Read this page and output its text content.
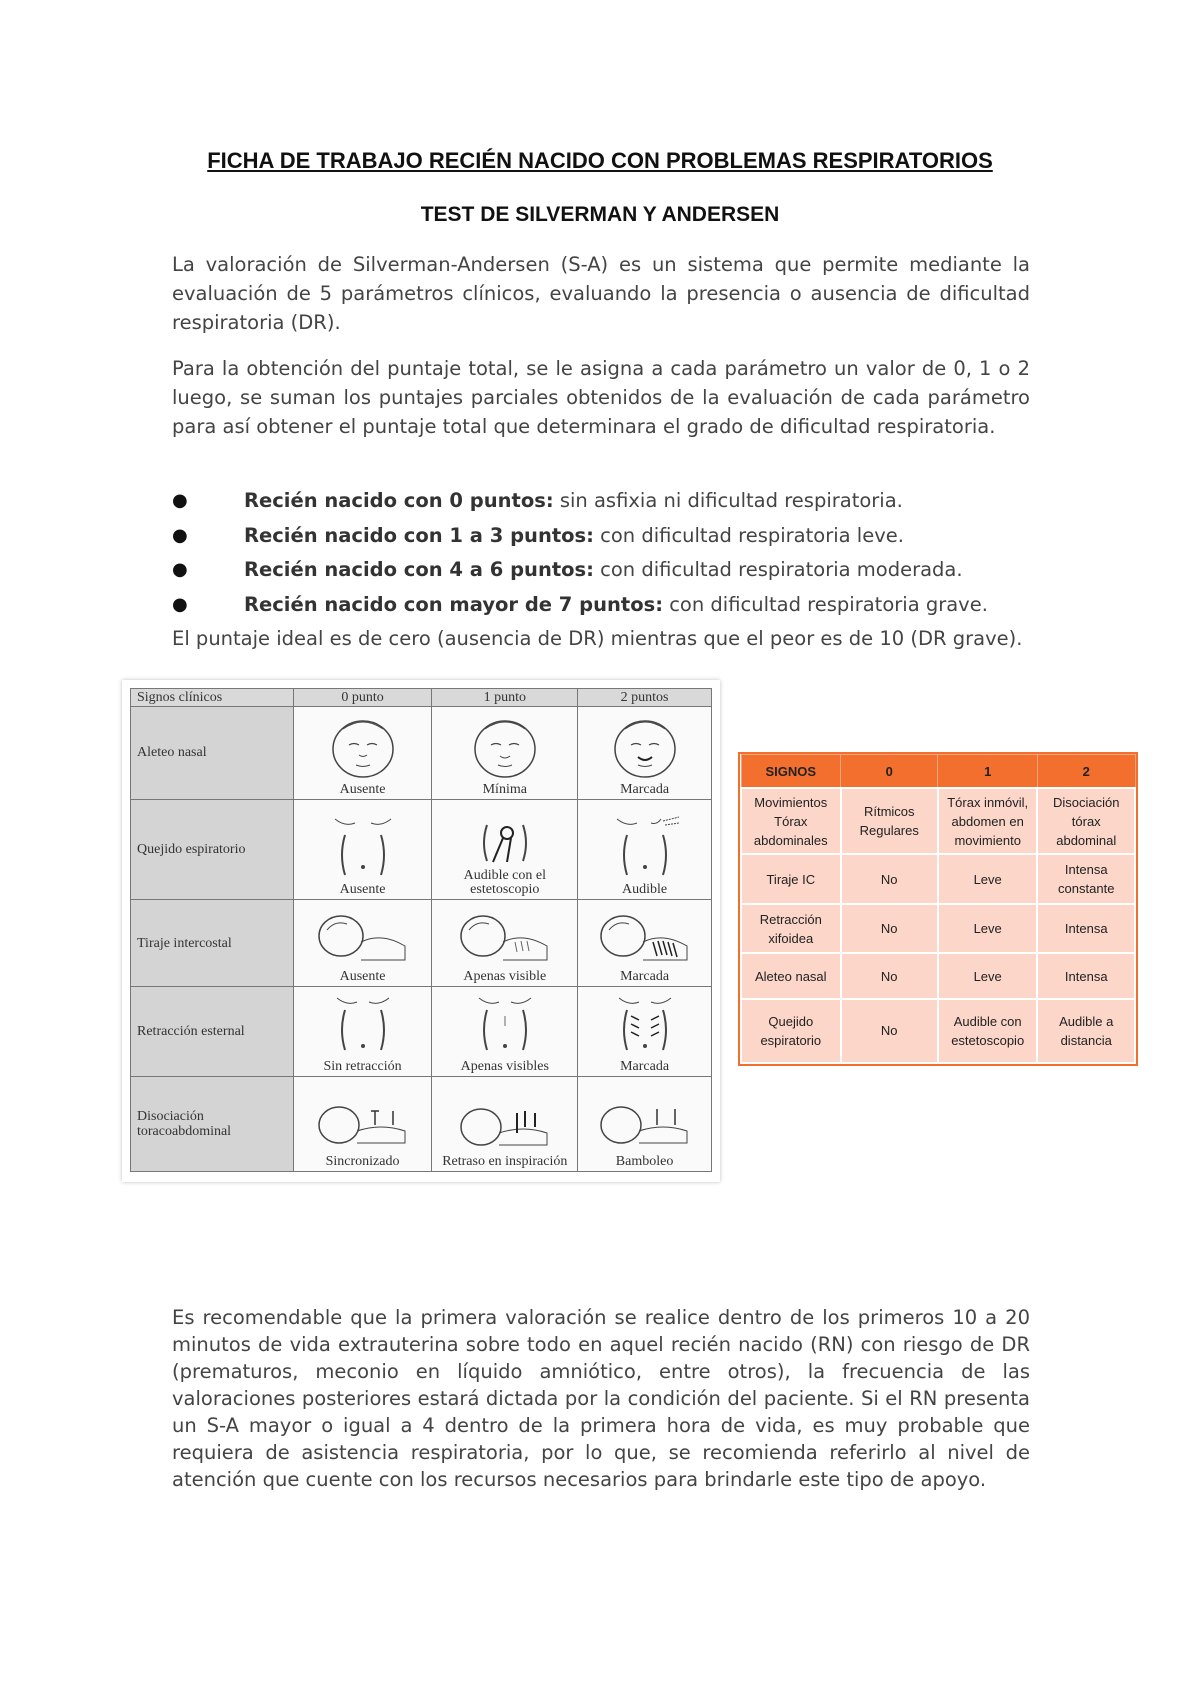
FICHA DE TRABAJO RECIÉN NACIDO CON PROBLEMAS RESPIRATORIOS
TEST DE SILVERMAN Y ANDERSEN
La valoración de Silverman-Andersen (S-A) es un sistema que permite mediante la evaluación de 5 parámetros clínicos, evaluando la presencia o ausencia de dificultad respiratoria (DR).
Para la obtención del puntaje total, se le asigna a cada parámetro un valor de 0, 1 o 2 luego, se suman los puntajes parciales obtenidos de la evaluación de cada parámetro para así obtener el puntaje total que determinara el grado de dificultad respiratoria.
●	Recién nacido con 0 puntos: sin asfixia ni dificultad respiratoria.
●	Recién nacido con 1 a 3 puntos: con dificultad respiratoria leve.
●	Recién nacido con 4 a 6 puntos: con dificultad respiratoria moderada.
●	Recién nacido con mayor de 7 puntos: con dificultad respiratoria grave.
El puntaje ideal es de cero (ausencia de DR) mientras que el peor es de 10 (DR grave).
Signos clínicos	0 punto	1 punto	2 puntos
Aleteo nasal	Ausente	Mínima	Marcada

Quejido espiratorio	Ausente	Audible con el estetoscopio	Audible

Tiraje intercostal	Ausente	Apenas visible	Marcada

Retracción esternal	Sin retracción	Apenas visibles	Marcada

Disociación toracoabdominal	Sincronizado	Retraso en inspiración	Bamboleo
SIGNOS	0	1	2
Movimientos Tórax abdominales	Rítmicos Regulares	Tórax inmóvil, abdomen en movimiento	Disociación tórax abdominal
Tiraje IC	No	Leve	Intensa constante
Retracción xifoidea	No	Leve	Intensa
Aleteo nasal	No	Leve	Intensa
Quejido espiratorio	No	Audible con estetoscopio	Audible a distancia
Es recomendable que la primera valoración se realice dentro de los primeros 10 a 20 minutos de vida extrauterina sobre todo en aquel recién nacido (RN) con riesgo de DR (prematuros, meconio en líquido amniótico, entre otros), la frecuencia de las valoraciones posteriores estará dictada por la condición del paciente. Si el RN presenta un S-A mayor o igual a 4 dentro de la primera hora de vida, es muy probable que requiera de asistencia respiratoria, por lo que, se recomienda referirlo al nivel de atención que cuente con los recursos necesarios para brindarle este tipo de apoyo.
